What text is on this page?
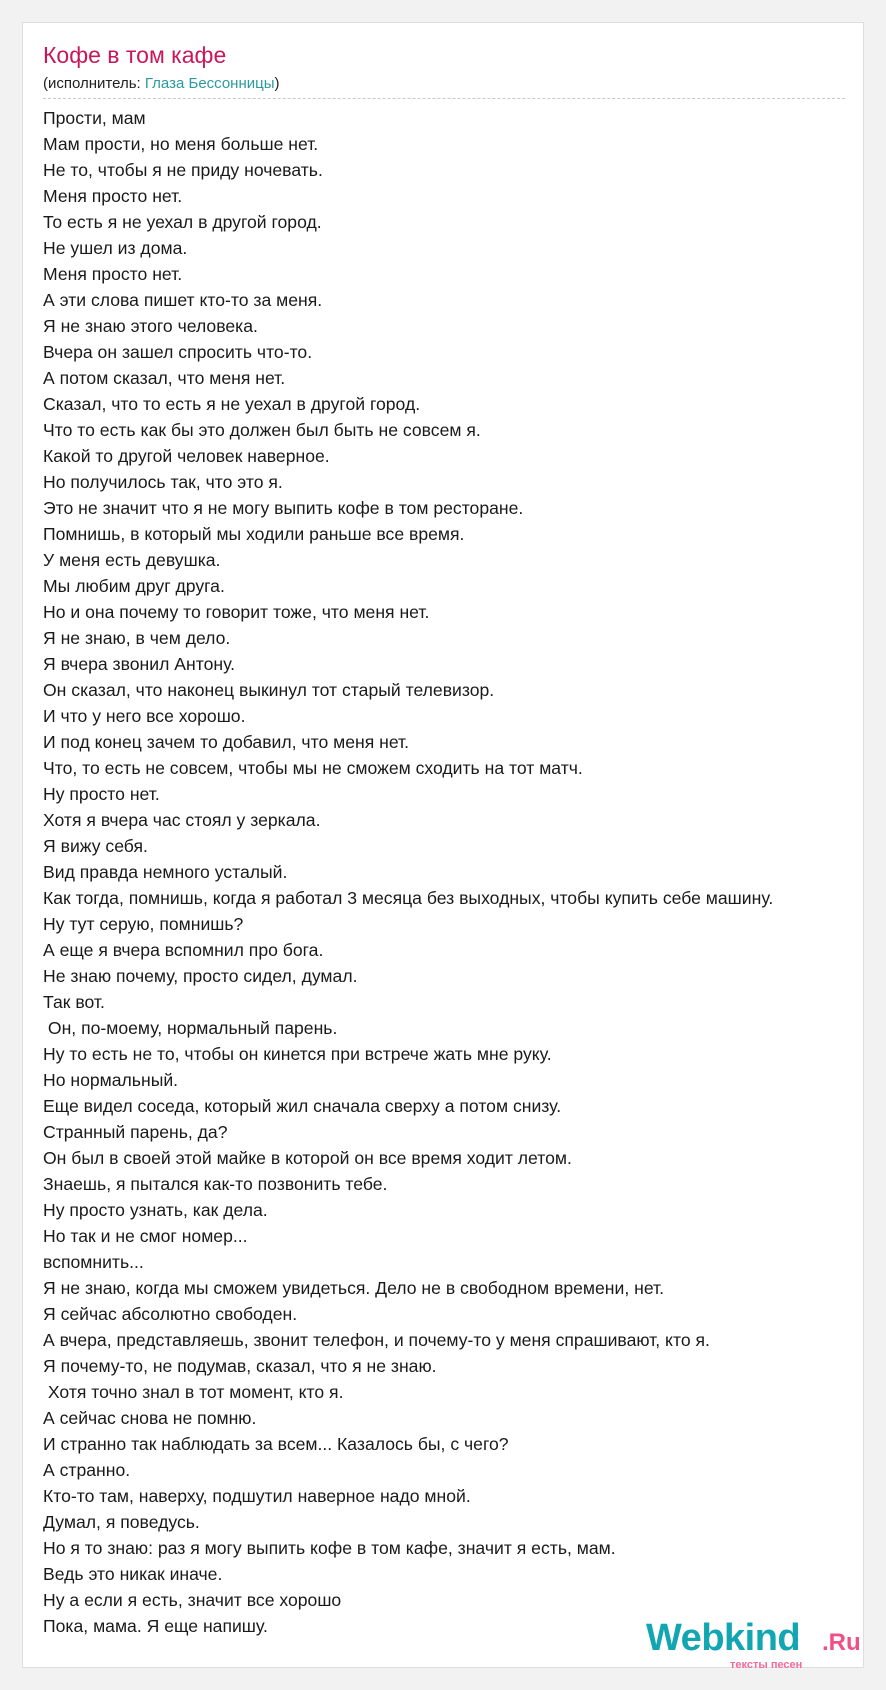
Кофе в том кафе
(исполнитель: Глаза Бессонницы)
Прости, мам
Мам прости, но меня больше нет.
Не то, чтобы я не приду ночевать.
Меня просто нет.
То есть я не уехал в другой город.
Не ушел из дома.
Меня просто нет.
А эти слова пишет кто-то за меня.
Я не знаю этого человека.
Вчера он зашел спросить что-то.
А потом сказал, что меня нет.
Сказал, что то есть я не уехал в другой город.
Что то есть как бы это должен был быть не совсем я.
Какой то другой человек наверное.
Но получилось так, что это я.
Это не значит что я не могу выпить кофе в том ресторане.
Помнишь, в который мы ходили раньше все время.
У меня есть девушка.
Мы любим друг друга.
Но и она почему то говорит тоже, что меня нет.
Я не знаю, в чем дело.
Я вчера звонил Антону.
Он сказал, что наконец выкинул тот старый телевизор.
И что у него все хорошо.
И под конец зачем то добавил, что меня нет.
Что, то есть не совсем, чтобы мы не сможем сходить на тот матч.
Ну просто нет.
Хотя я вчера час стоял у зеркала.
Я вижу себя.
Вид правда немного усталый.
Как тогда, помнишь, когда я работал 3 месяца без выходных, чтобы купить себе машину.
Ну тут серую, помнишь?
А еще я вчера вспомнил про бога.
Не знаю почему, просто сидел, думал.
Так вот.
Он, по-моему, нормальный парень.
Ну то есть не то, чтобы он кинется при встрече жать мне руку.
Но нормальный.
Еще видел соседа, который жил сначала сверху а потом снизу.
Странный парень, да?
Он был в своей этой майке в которой он все время ходит летом.
Знаешь, я пытался как-то позвонить тебе.
Ну просто узнать, как дела.
Но так и не смог номер...
вспомнить...
Я не знаю, когда мы сможем увидеться. Дело не в свободном времени, нет.
Я сейчас абсолютно свободен.
А вчера, представляешь, звонит телефон, и почему-то у меня спрашивают, кто я.
Я почему-то, не подумав, сказал, что я не знаю.
Хотя точно знал в тот момент, кто я.
А сейчас снова не помню.
И странно так наблюдать за всем... Казалось бы, с чего?
А странно.
Кто-то там, наверху, подшутил наверное надо мной.
Думал, я поведусь.
Но я то знаю: раз я могу выпить кофе в том кафе, значит я есть, мам.
Ведь это никак иначе.
Ну а если я есть, значит все хорошо
Пока, мама. Я еще напишу.	Webkind .Ru
тексты песен
